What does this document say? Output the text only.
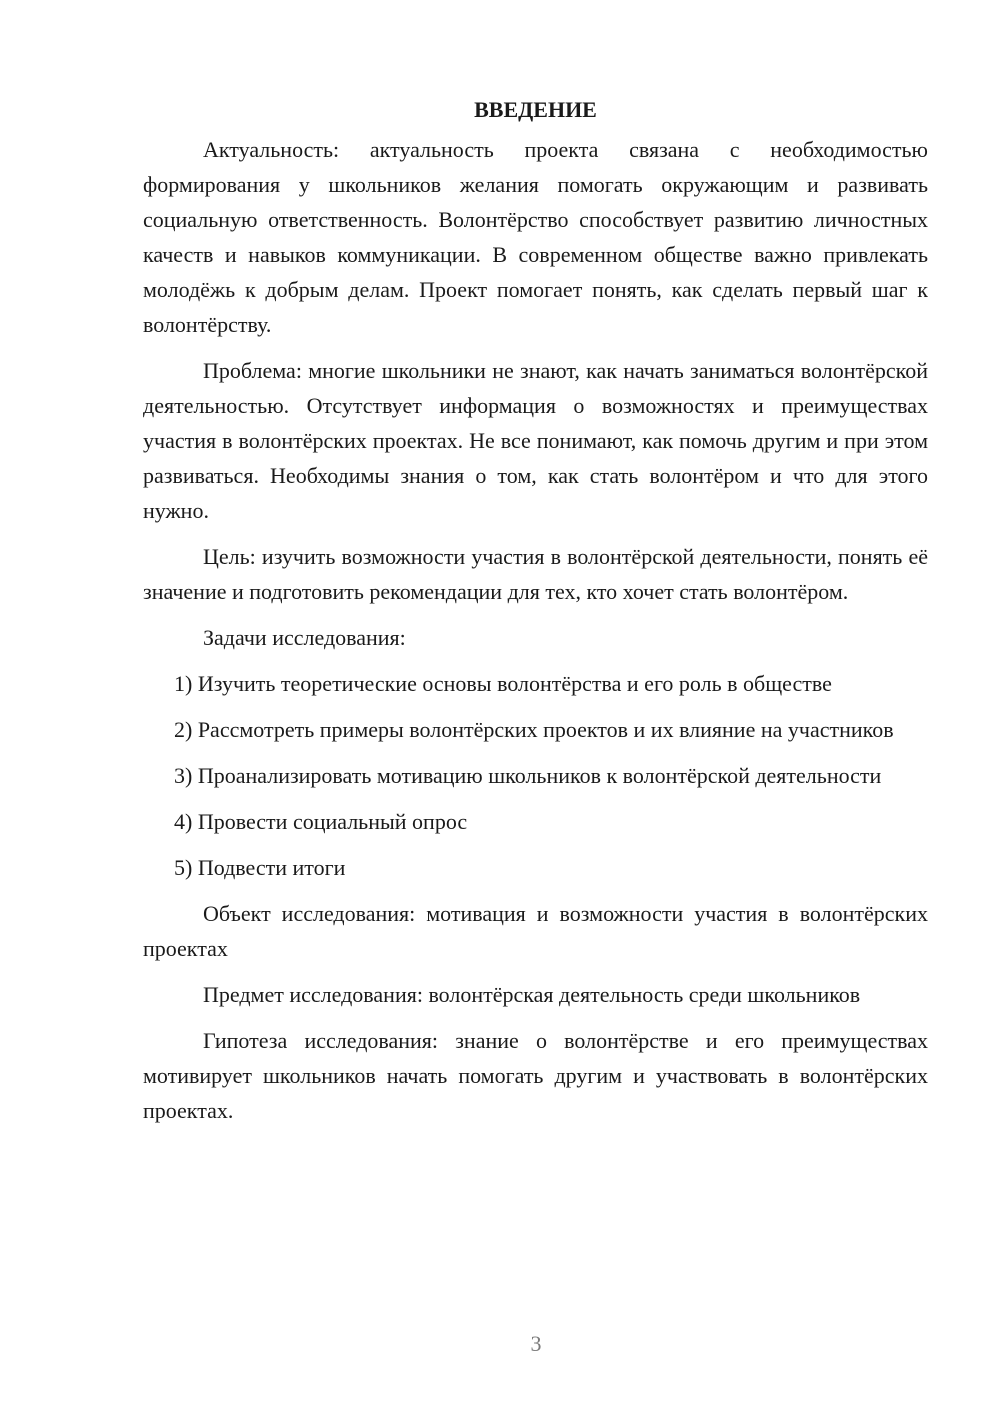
ВВЕДЕНИЕ

Актуальность: актуальность проекта связана с необходимостью формирования у школьников желания помогать окружающим и развивать социальную ответственность. Волонтёрство способствует развитию личностных качеств и навыков коммуникации. В современном обществе важно привлекать молодёжь к добрым делам. Проект помогает понять, как сделать первый шаг к волонтёрству.

Проблема: многие школьники не знают, как начать заниматься волонтёрской деятельностью. Отсутствует информация о возможностях и преимуществах участия в волонтёрских проектах. Не все понимают, как помочь другим и при этом развиваться. Необходимы знания о том, как стать волонтёром и что для этого нужно.

Цель: изучить возможности участия в волонтёрской деятельности, понять её значение и подготовить рекомендации для тех, кто хочет стать волонтёром.

Задачи исследования:

1) Изучить теоретические основы волонтёрства и его роль в обществе

2) Рассмотреть примеры волонтёрских проектов и их влияние на участников

3) Проанализировать мотивацию школьников к волонтёрской деятельности

4) Провести социальный опрос

5) Подвести итоги

Объект исследования: мотивация и возможности участия в волонтёрских проектах

Предмет исследования: волонтёрская деятельность среди школьников

Гипотеза исследования: знание о волонтёрстве и его преимуществах мотивирует школьников начать помогать другим и участвовать в волонтёрских проектах.

3
